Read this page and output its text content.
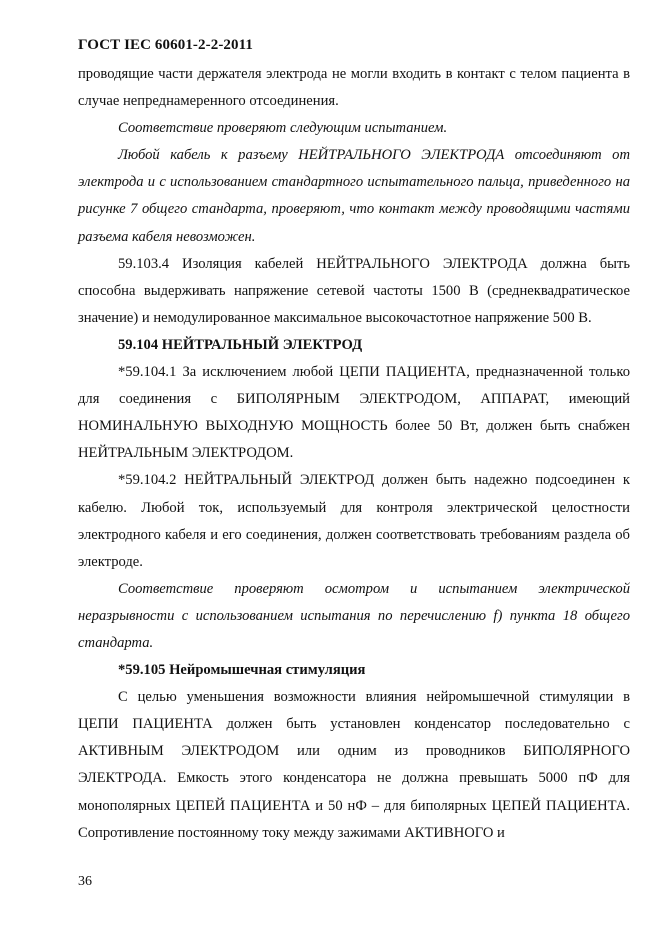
ГОСТ IEC 60601-2-2-2011

проводящие части держателя электрода не могли входить в контакт с телом пациента в случае непреднамеренного отсоединения.

Соответствие проверяют следующим испытанием.

Любой кабель к разъему НЕЙТРАЛЬНОГО ЭЛЕКТРОДА отсоединяют от электрода и с использованием стандартного испытательного пальца, приведенного на рисунке 7 общего стандарта, проверяют, что контакт между проводящими частями разъема кабеля невозможен.

59.103.4 Изоляция кабелей НЕЙТРАЛЬНОГО ЭЛЕКТРОДА должна быть способна выдерживать напряжение сетевой частоты 1500 В (среднеквадратическое значение) и немодулированное максимальное высокочастотное напряжение 500 В.

59.104 НЕЙТРАЛЬНЫЙ ЭЛЕКТРОД

*59.104.1 За исключением любой ЦЕПИ ПАЦИЕНТА, предназначенной только для соединения с БИПОЛЯРНЫМ ЭЛЕКТРОДОМ, АППАРАТ, имеющий НОМИНАЛЬНУЮ ВЫХОДНУЮ МОЩНОСТЬ более 50 Вт, должен быть снабжен НЕЙТРАЛЬНЫМ ЭЛЕКТРОДОМ.

*59.104.2 НЕЙТРАЛЬНЫЙ ЭЛЕКТРОД должен быть надежно подсоединен к кабелю. Любой ток, используемый для контроля электрической целостности электродного кабеля и его соединения, должен соответствовать требованиям раздела об электроде.

Соответствие проверяют осмотром и испытанием электрической неразрывности с использованием испытания по перечислению f) пункта 18 общего стандарта.

*59.105 Нейромышечная стимуляция

С целью уменьшения возможности влияния нейромышечной стимуляции в ЦЕПИ ПАЦИЕНТА должен быть установлен конденсатор последовательно с АКТИВНЫМ ЭЛЕКТРОДОМ или одним из проводников БИПОЛЯРНОГО ЭЛЕКТРОДА. Емкость этого конденсатора не должна превышать 5000 пФ для монополярных ЦЕПЕЙ ПАЦИЕНТА и 50 нФ – для биполярных ЦЕПЕЙ ПАЦИЕНТА. Сопротивление постоянному току между зажимами АКТИВНОГО и

36
